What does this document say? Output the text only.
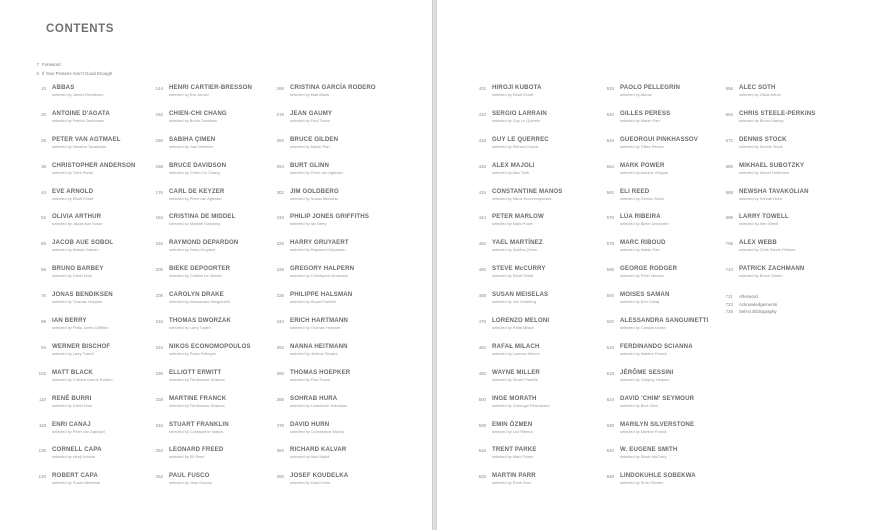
CONTENTS
7 Foreword
8 If Your Pictures Aren't Good Enough
10 ABBAS
selected by James Bendiksen
20 ANTOINE D'AGATA
selected by Patrick Zachmann
28 PETER VAN AGTMAEL
selected by Newsha Tavakolian
36 CHRISTOPHER ANDERSON
selected by Trent Parke
44 EVE ARNOLD
selected by Elliott Erwitt
52 OLIVIA ARTHUR
selected by Jacob Aue Sobol
60 JACOB AUE SOBOL
selected by Moises Saman
68 BRUNO BARBEY
selected by David Hurn
76 JONAS BENDIKSEN
selected by Thomas Hoepker
86 IAN BERRY
selected by Philip Jones Griffiths
94 WERNER BISCHOF
selected by Larry Towell
102 MATT BLACK
selected by Cristina García Rodero
110 RENÉ BURRI
selected by David Hurn
118 ENRI CANAJ
selected by Peter van Agtmael
126 CORNELL CAPA
selected by Hiroji Kubota
134 ROBERT CAPA
selected by Susan Meiselas
144 HENRI CARTIER-BRESSON
selected by Eve Arnold
152 CHIEN-CHI CHANG
selected by Bruce Davidson
160 SABIHA ÇIMEN
selected by Yael Martínez
168 BRUCE DAVIDSON
selected by Chien-Chi Chang
176 CARL DE KEYZER
selected by Peter van Agtmael
184 CRISTINA DE MIDDEL
selected by Mikhael Subotzky
192 RAYMOND DEPARDON
selected by Harry Gruyaert
200 BIEKE DEPOORTER
selected by Cristina De Middel
208 CAROLYN DRAKE
selected by Alessandra Sanguinetti
216 THOMAS DWORZAK
selected by Larry Towell
224 NIKOS ECONOMOPOULOS
selected by Paolo Pellegrin
230 ELLIOTT ERWITT
selected by Ferdinando Scianna
238 MARTINE FRANCK
selected by Ferdinando Scianna
246 STUART FRANKLIN
selected by Constantine Manos
254 LEONARD FREED
selected by Eli Reed
262 PAUL FUSCO
selected by Jean Gaumy
268 CRISTINA GARCÍA RODERO
selected by Matt Black
276 JEAN GAUMY
selected by Paul Fusco
284 BRUCE GILDEN
selected by Martin Parr
294 BURT GLINN
selected by Peter van Agtmael
302 JIM GOLDBERG
selected by Susan Meiselas
310 PHILIP JONES GRIFFITHS
selected by Ian Berry
320 HARRY GRUYAERT
selected by Raymond Depardon
328 GREGORY HALPERN
selected by Christopher Anderson
336 PHILIPPE HALSMAN
selected by Stuart Franklin
344 ERICH HARTMANN
selected by Thomas Hoepker
352 NANNA HEITMANN
selected by Jérôme Sessini
360 THOMAS HOEPKER
selected by Paul Fusco
368 SOHRAB HURA
selected by Lindokuhle Sobekwa
376 DAVID HURN
selected by Constantine Manos
384 RICHARD KALVAR
selected by Alex Majoli
390 JOSEF KOUDELKA
selected by David Hurn
402 HIROJI KUBOTA
selected by Elliott Erwitt
410 SERGIO LARRAIN
selected by Guy Le Querrec
418 GUY LE QUERREC
selected by Richard Kalvar
426 ALEX MAJOLI
selected by Alec Soth
434 CONSTANTINE MANOS
selected by Nikos Economopoulos
444 PETER MARLOW
selected by Mark Power
452 YAEL MARTÍNEZ
selected by Sabiha Çimen
460 STEVE McCURRY
selected by Elliott Erwitt
468 SUSAN MEISELAS
selected by Jim Goldberg
476 LORENZO MELONI
selected by Rafał Milach
484 RAFAŁ MILACH
selected by Lorenzo Meloni
492 WAYNE MILLER
selected by Stuart Franklin
500 INGE MORATH
selected by Gueorgui Pinkhassov
508 EMIN ÖZMEN
selected by Lúa Ribeira
516 TRENT PARKE
selected by Mark Power
526 MARTIN PARR
selected by René Burri
534 PAOLO PELLEGRIN
selected by Abbas
540 GILLES PERESS
selected by Martin Parr
546 GUEORGUI PINKHASSOV
selected by Gilles Peress
554 MARK POWER
selected by Antoine d'Agata
562 ELI REED
selected by Dennis Stock
570 LÚA RIBEIRA
selected by Bieke Depoorter
578 MARC RIBOUD
selected by Martin Parr
586 GEORGE RODGER
selected by Peter Marlow
594 MOISES SAMAN
selected by Enri Canaj
602 ALESSANDRA SANGUINETTI
selected by Carolyn Drake
610 FERDINANDO SCIANNA
selected by Martine Franck
618 JÉRÔME SESSINI
selected by Gregory Halpern
624 DAVID 'CHIM' SEYMOUR
selected by Burt Glinn
630 MARILYN SILVERSTONE
selected by Martine Franck
640 W. EUGENE SMITH
selected by Steve McCurry
648 LINDOKUHLE SOBEKWA
selected by Emin Özmen
656 ALEC SOTH
selected by Olivia Arthur
664 CHRIS STEELE-PERKINS
selected by Bruno Barbey
672 DENNIS STOCK
selected by Dennis Stock
680 MIKHAEL SUBOTZKY
selected by Nanna Heitmann
688 NEWSHA TAVAKOLIAN
selected by Sohrab Hura
698 LARRY TOWELL
selected by Alex Webb
706 ALEX WEBB
selected by Chris Steele-Perkins
714 PATRICK ZACHMANN
selected by Bruce Gilden
721 Afterword
723 Acknowledgements
726 Select Bibliography
